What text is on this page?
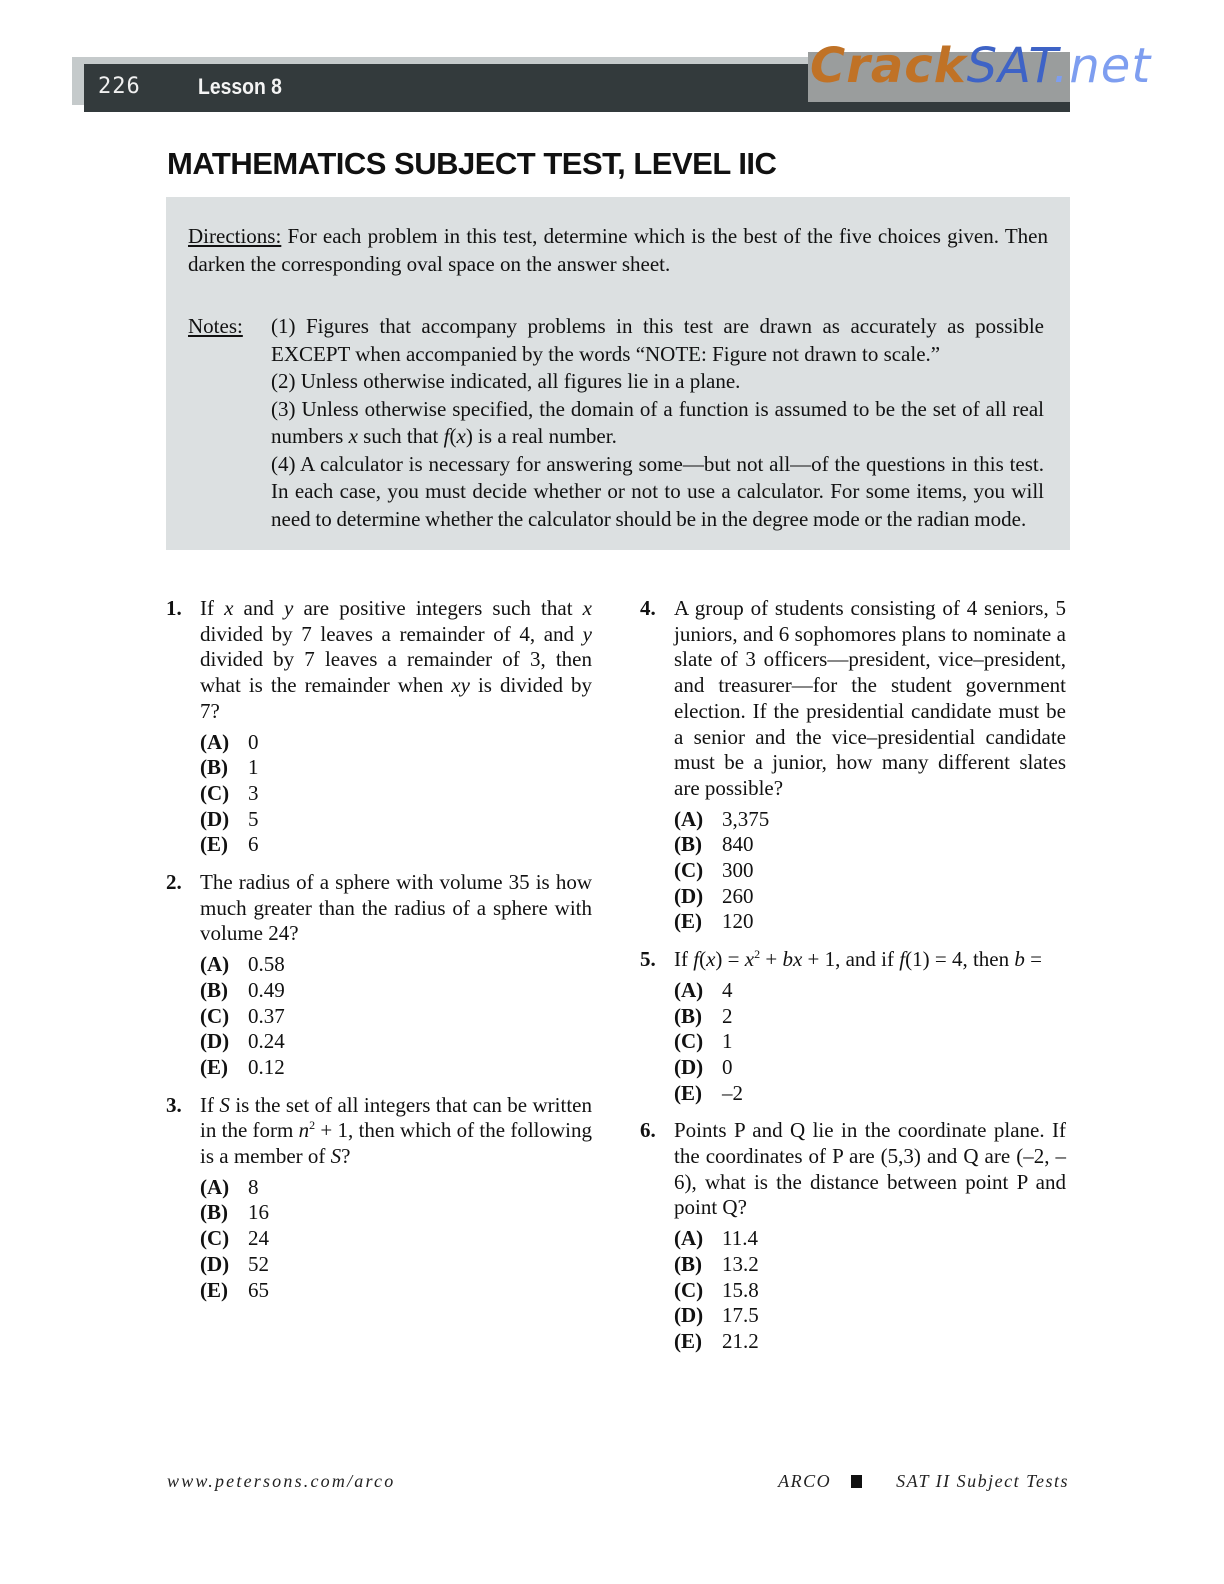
226	Lesson 8	CrackSAT.net
MATHEMATICS SUBJECT TEST, LEVEL IIC
Directions: For each problem in this test, determine which is the best of the five choices given. Then darken the corresponding oval space on the answer sheet.
Notes: (1) Figures that accompany problems in this test are drawn as accurately as possible EXCEPT when accompanied by the words “NOTE: Figure not drawn to scale.”
(2) Unless otherwise indicated, all figures lie in a plane.
(3) Unless otherwise specified, the domain of a function is assumed to be the set of all real numbers x such that f(x) is a real number.
(4) A calculator is necessary for answering some—but not all—of the questions in this test. In each case, you must decide whether or not to use a calculator. For some items, you will need to determine whether the calculator should be in the degree mode or the radian mode.
1. If x and y are positive integers such that x divided by 7 leaves a remainder of 4, and y divided by 7 leaves a remainder of 3, then what is the remainder when xy is divided by 7?
(A) 0
(B) 1
(C) 3
(D) 5
(E) 6
2. The radius of a sphere with volume 35 is how much greater than the radius of a sphere with volume 24?
(A) 0.58
(B) 0.49
(C) 0.37
(D) 0.24
(E) 0.12
3. If S is the set of all integers that can be written in the form $n^2 + 1$, then which of the following is a member of S?
(A) 8
(B) 16
(C) 24
(D) 52
(E) 65
4. A group of students consisting of 4 seniors, 5 juniors, and 6 sophomores plans to nominate a slate of 3 officers—president, vice–president, and treasurer—for the student government election. If the presidential candidate must be a senior and the vice–presidential candidate must be a junior, how many different slates are possible?
(A) 3,375
(B) 840
(C) 300
(D) 260
(E) 120
5. If $f(x) = x^2$ + bx + 1, and if f(1) = 4, then b =
(A) 4
(B) 2
(C) 1
(D) 0
(E) –2
6. Points P and Q lie in the coordinate plane. If the coordinates of P are (5,3) and Q are (–2, –6), what is the distance between point P and point Q?
(A) 11.4
(B) 13.2
(C) 15.8
(D) 17.5
(E) 21.2
www.petersons.com/arco	ARCO	SAT II Subject Tests
